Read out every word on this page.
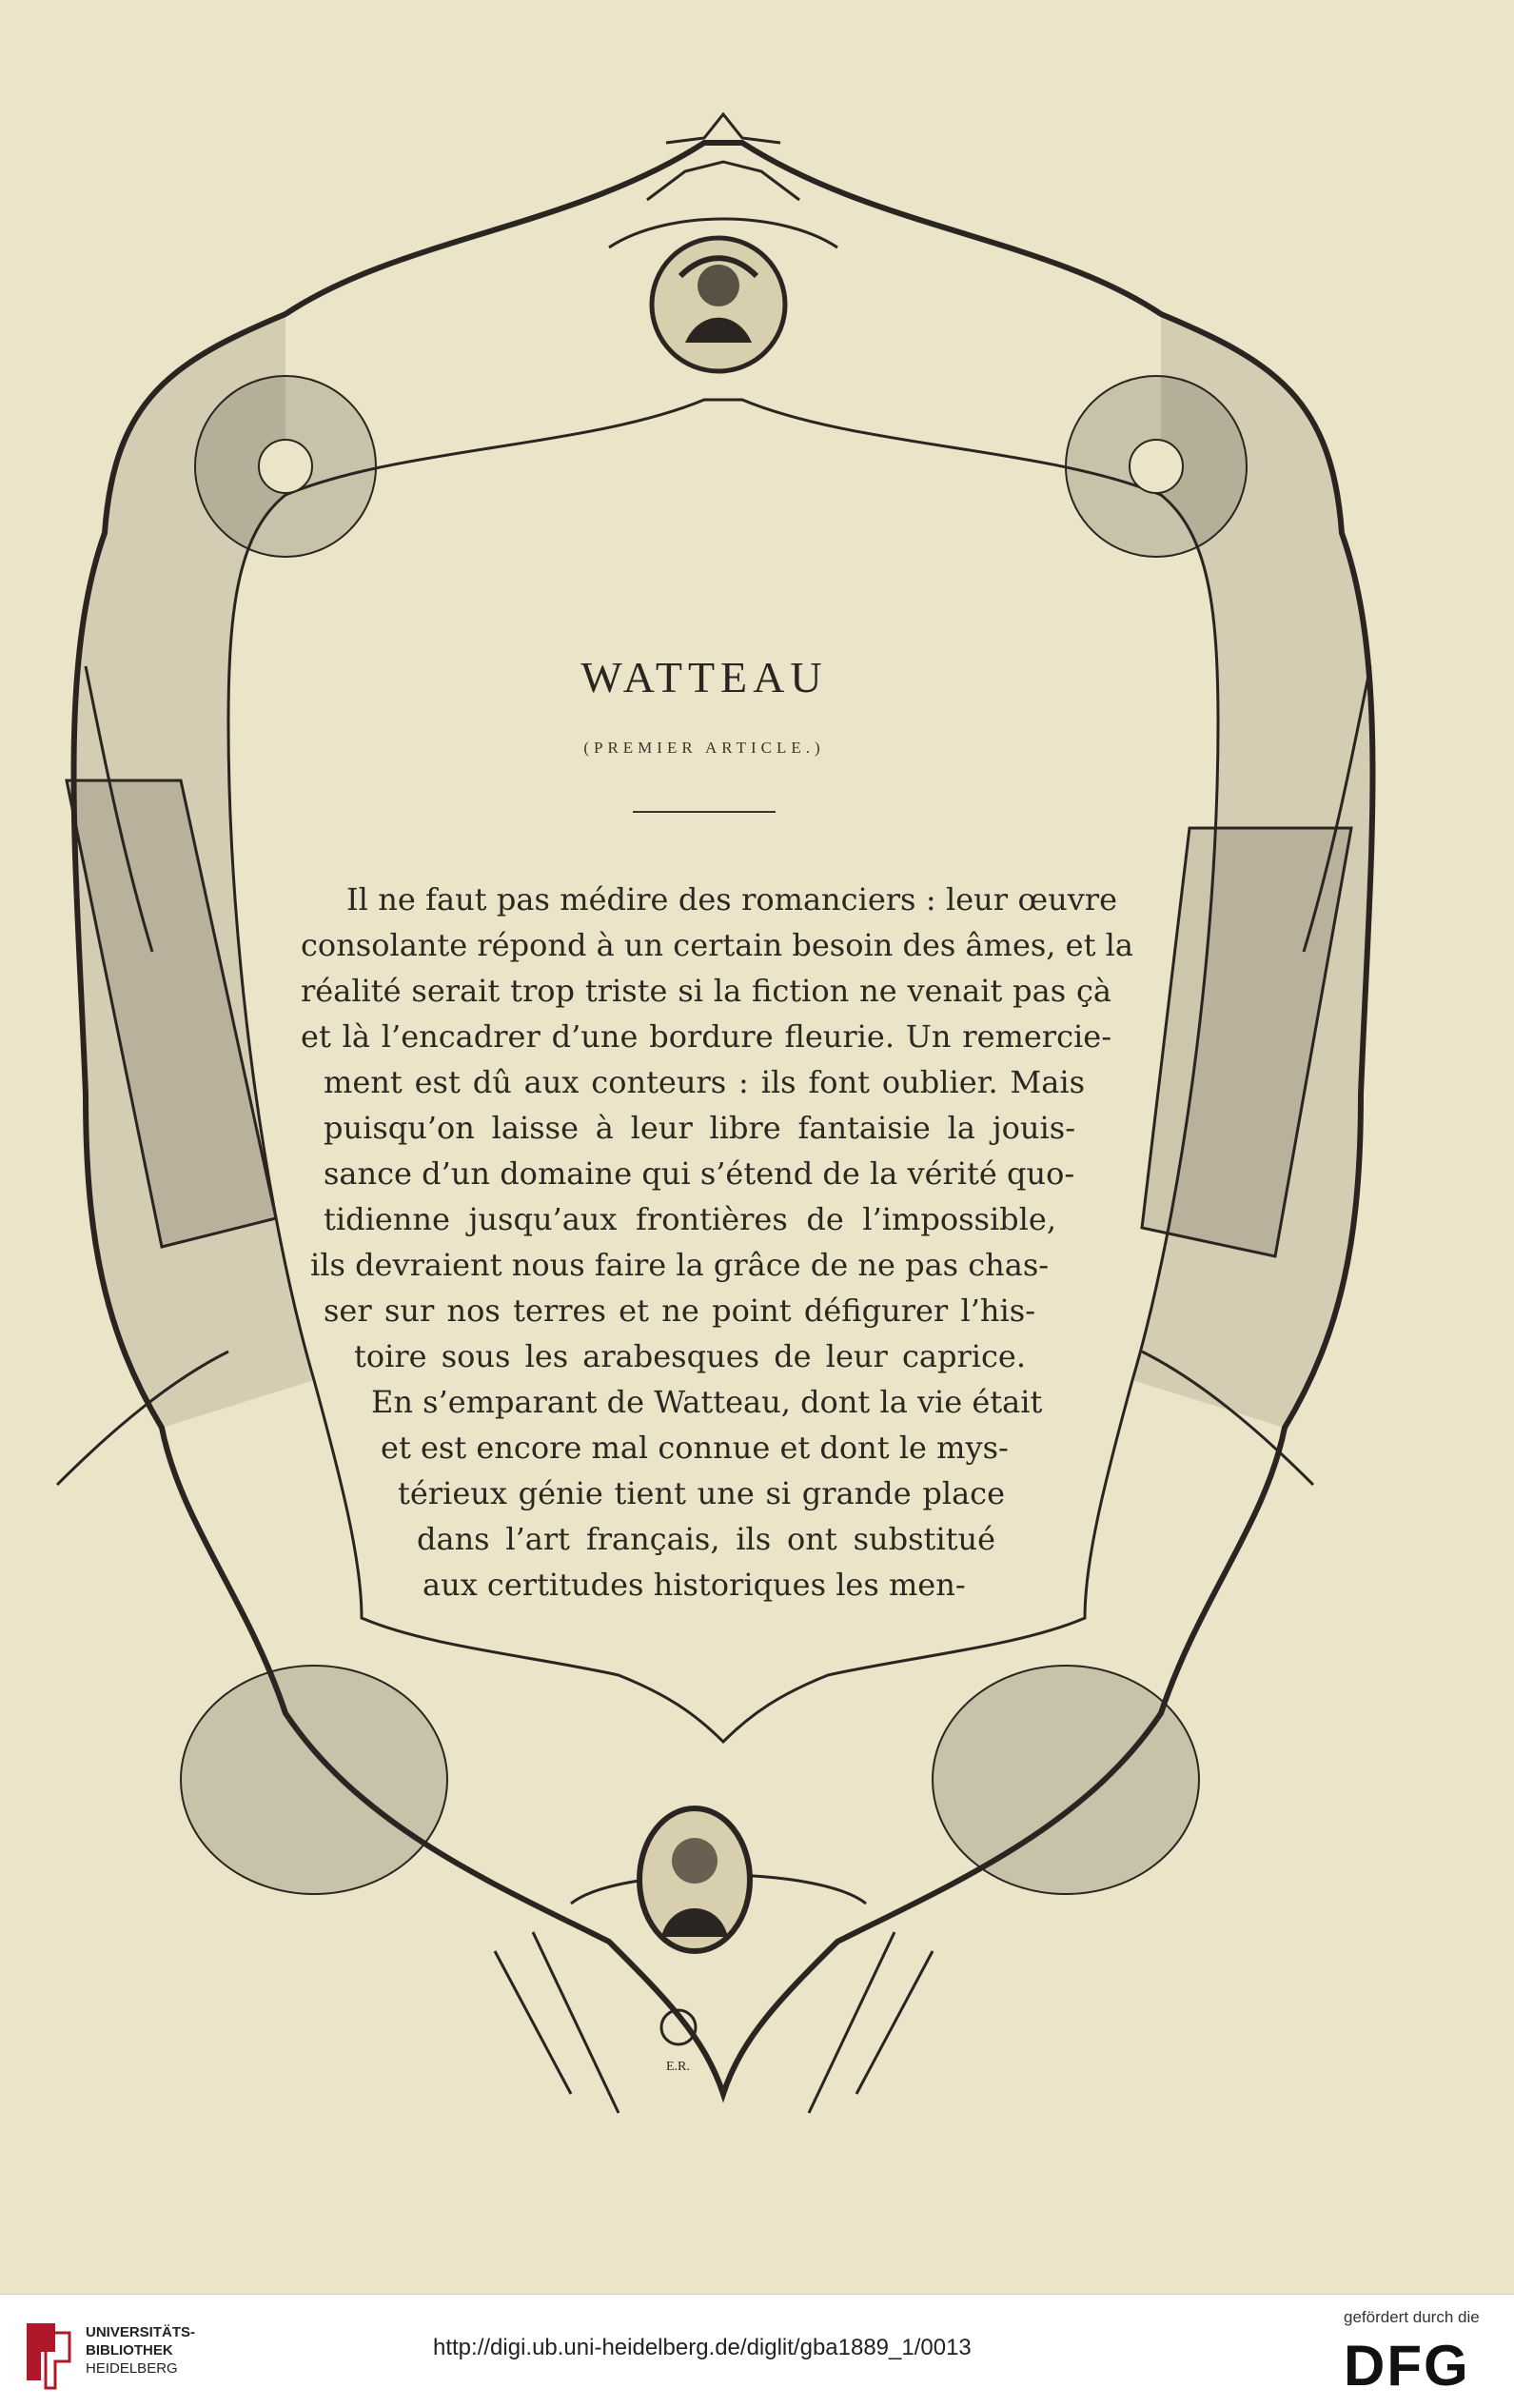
E.R.
WATTEAU
(PREMIER ARTICLE.)
Il ne faut pas médire des romanciers : leur œuvre
consolante répond à un certain besoin des âmes, et la
réalité serait trop triste si la fiction ne venait pas çà
et là l’encadrer d’une bordure fleurie. Un remercie-
ment est dû aux conteurs : ils font oublier. Mais
puisqu’on laisse à leur libre fantaisie la jouis-
sance d’un domaine qui s’étend de la vérité quo-
tidienne jusqu’aux frontières de l’impossible,
ils devraient nous faire la grâce de ne pas chas-
ser sur nos terres et ne point défigurer l’his-
toire sous les arabesques de leur caprice.
En s’emparant de Watteau, dont la vie était
et est encore mal connue et dont le mys-
térieux génie tient une si grande place
dans l’art français, ils ont substitué
aux certitudes historiques les men-
UNIVERSITÄTS-
BIBLIOTHEK
HEIDELBERG
http://digi.ub.uni-heidelberg.de/diglit/gba1889_1/0013
gefördert durch die
DFG
